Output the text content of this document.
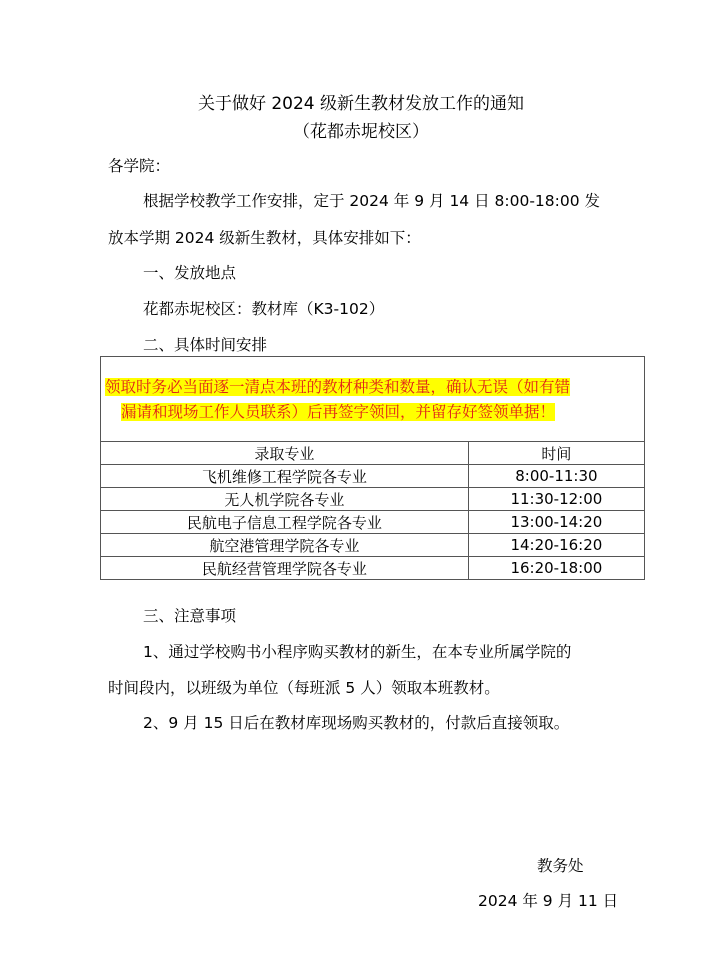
关于做好 2024 级新生教材发放工作的通知
（花都赤坭校区）
各学院：
根据学校教学工作安排，定于 2024 年 9 月 14 日 8:00-18:00 发
放本学期 2024 级新生教材，具体安排如下：
一、发放地点
花都赤坭校区：教材库（K3-102）
二、具体时间安排
领取时务必当面逐一清点本班的教材种类和数量，确认无误（如有错
漏请和现场工作人员联系）后再签字领回，并留存好签领单据！
录取专业	时间
飞机维修工程学院各专业	8:00-11:30
无人机学院各专业	11:30-12:00
民航电子信息工程学院各专业	13:00-14:20
航空港管理学院各专业	14:20-16:20
民航经营管理学院各专业	16:20-18:00
三、注意事项
1、通过学校购书小程序购买教材的新生，在本专业所属学院的
时间段内，以班级为单位（每班派 5 人）领取本班教材。
2、9 月 15 日后在教材库现场购买教材的，付款后直接领取。
教务处
2024 年 9 月 11 日
